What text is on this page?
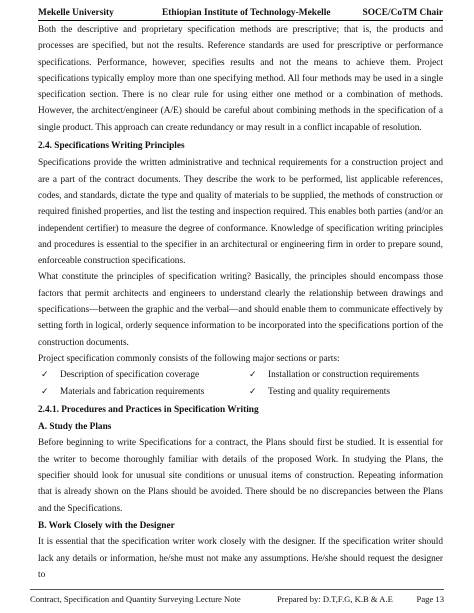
Mekelle University	Ethiopian Institute of Technology-Mekelle	SOCE/CoTM Chair

Both the descriptive and proprietary specification methods are prescriptive; that is, the products and processes are specified, but not the results. Reference standards are used for prescriptive or performance specifications. Performance, however, specifies results and not the means to achieve them. Project specifications typically employ more than one specifying method. All four methods may be used in a single specification section. There is no clear rule for using either one method or a combination of methods. However, the architect/engineer (A/E) should be careful about combining methods in the specification of a single product. This approach can create redundancy or may result in a conflict incapable of resolution.

2.4. Specifications Writing Principles

Specifications provide the written administrative and technical requirements for a construction project and are a part of the contract documents. They describe the work to be performed, list applicable references, codes, and standards, dictate the type and quality of materials to be supplied, the methods of construction or required finished properties, and list the testing and inspection required. This enables both parties (and/or an independent certifier) to measure the degree of conformance. Knowledge of specification writing principles and procedures is essential to the specifier in an architectural or engineering firm in order to prepare sound, enforceable construction specifications.

What constitute the principles of specification writing? Basically, the principles should encompass those factors that permit architects and engineers to understand clearly the relationship between drawings and specifications—between the graphic and the verbal—and should enable them to communicate effectively by setting forth in logical, orderly sequence information to be incorporated into the specifications portion of the construction documents.

Project specification commonly consists of the following major sections or parts:

✓	Description of specification coverage	✓	Installation or construction requirements
✓	Materials and fabrication requirements	✓	Testing and quality requirements

2.4.1. Procedures and Practices in Specification Writing

A. Study the Plans

Before beginning to write Specifications for a contract, the Plans should first be studied. It is essential for the writer to become thoroughly familiar with details of the proposed Work. In studying the Plans, the specifier should look for unusual site conditions or unusual items of construction. Repeating information that is already shown on the Plans should be avoided. There should be no discrepancies between the Plans and the Specifications.

B. Work Closely with the Designer

It is essential that the specification writer work closely with the designer. If the specification writer should lack any details or information, he/she must not make any assumptions. He/she should request the designer to

Contract, Specification and Quantity Surveying Lecture Note	Prepared by: D.T,F.G, K.B & A.E	Page 13
